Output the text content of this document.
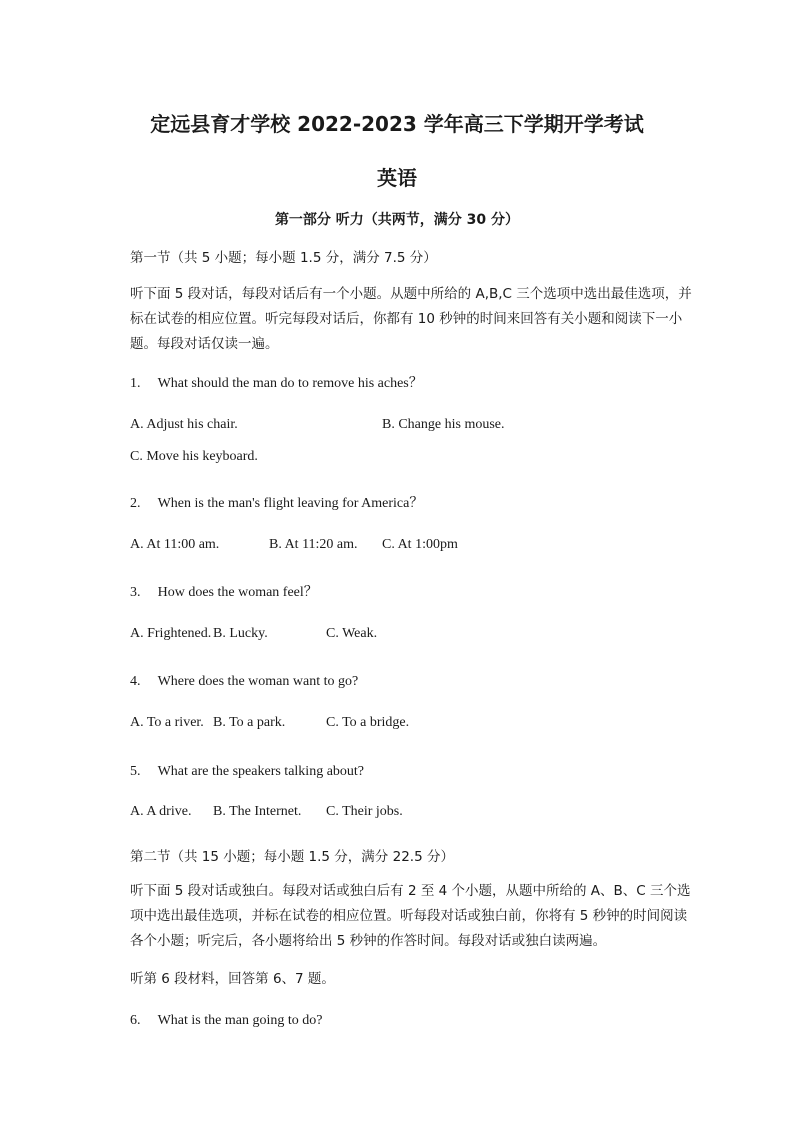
定远县育才学校 2022-2023 学年高三下学期开学考试
英语
第一部分 听力（共两节，满分 30 分）
第一节（共 5 小题；每小题 1.5 分，满分 7.5 分）
听下面 5 段对话，每段对话后有一个小题。从题中所给的 A,B,C 三个选项中选出最佳选项，并标在试卷的相应位置。听完每段对话后，你都有 10 秒钟的时间来回答有关小题和阅读下一小题。每段对话仅读一遍。
1. What should the man do to remove his aches？
A. Adjust his chair.	B. Change his mouse.
C. Move his keyboard.
2. When is the man's flight leaving for America？
A. At 11:00 am.	B. At 11:20 am. C. At 1:00pm
3. How does the woman feel？
A. Frightened. B. Lucky.	C. Weak.
4. Where does the woman want to go?
A. To a river. B. To a park.	C. To a bridge.
5. What are the speakers talking about?
A. A drive. B. The Internet. C. Their jobs.
第二节（共 15 小题；每小题 1.5 分，满分 22.5 分）
听下面 5 段对话或独白。每段对话或独白后有 2 至 4 个小题，从题中所给的 A、B、C 三个选项中选出最佳选项，并标在试卷的相应位置。听每段对话或独白前，你将有 5 秒钟的时间阅读各个小题；听完后，各小题将给出 5 秒钟的作答时间。每段对话或独白读两遍。
听第 6 段材料，回答第 6、7 题。
6. What is the man going to do?
